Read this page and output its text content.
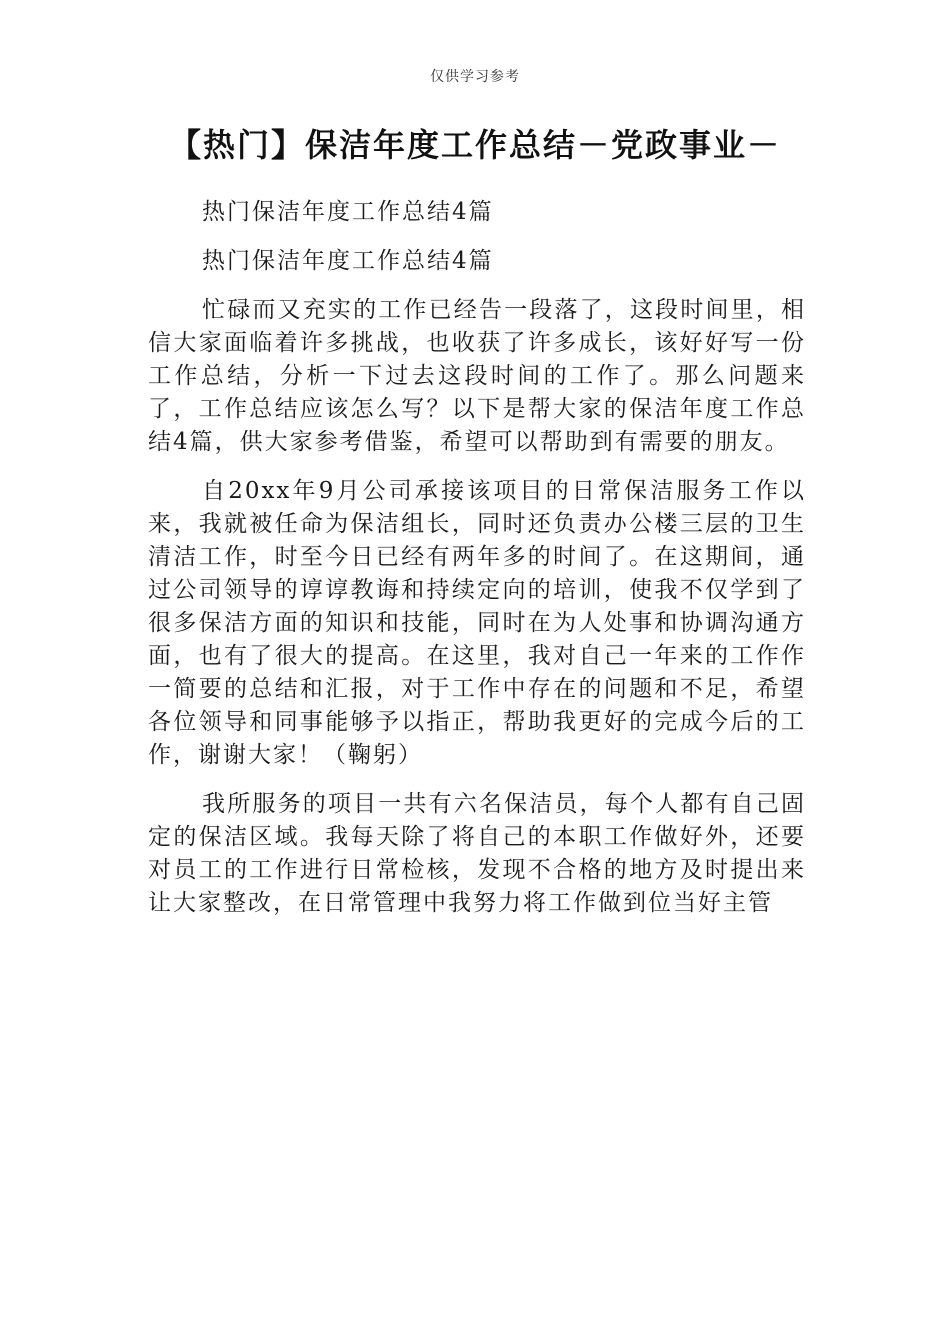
仅供学习参考
【热门】保洁年度工作总结－党政事业－

热门保洁年度工作总结4篇

热门保洁年度工作总结4篇

忙碌而又充实的工作已经告一段落了，这段时间里，相信大家面临着许多挑战，也收获了许多成长，该好好写一份工作总结，分析一下过去这段时间的工作了。那么问题来了，工作总结应该怎么写？以下是帮大家的保洁年度工作总结4篇，供大家参考借鉴，希望可以帮助到有需要的朋友。

自20xx年9月公司承接该项目的日常保洁服务工作以来，我就被任命为保洁组长，同时还负责办公楼三层的卫生清洁工作，时至今日已经有两年多的时间了。在这期间，通过公司领导的谆谆教诲和持续定向的培训，使我不仅学到了很多保洁方面的知识和技能，同时在为人处事和协调沟通方面，也有了很大的提高。在这里，我对自己一年来的工作作一简要的总结和汇报，对于工作中存在的问题和不足，希望各位领导和同事能够予以指正，帮助我更好的完成今后的工作，谢谢大家！（鞠躬）

我所服务的项目一共有六名保洁员，每个人都有自己固定的保洁区域。我每天除了将自己的本职工作做好外，还要对员工的工作进行日常检核，发现不合格的地方及时提出来让大家整改，在日常管理中我努力将工作做到位当好主管
